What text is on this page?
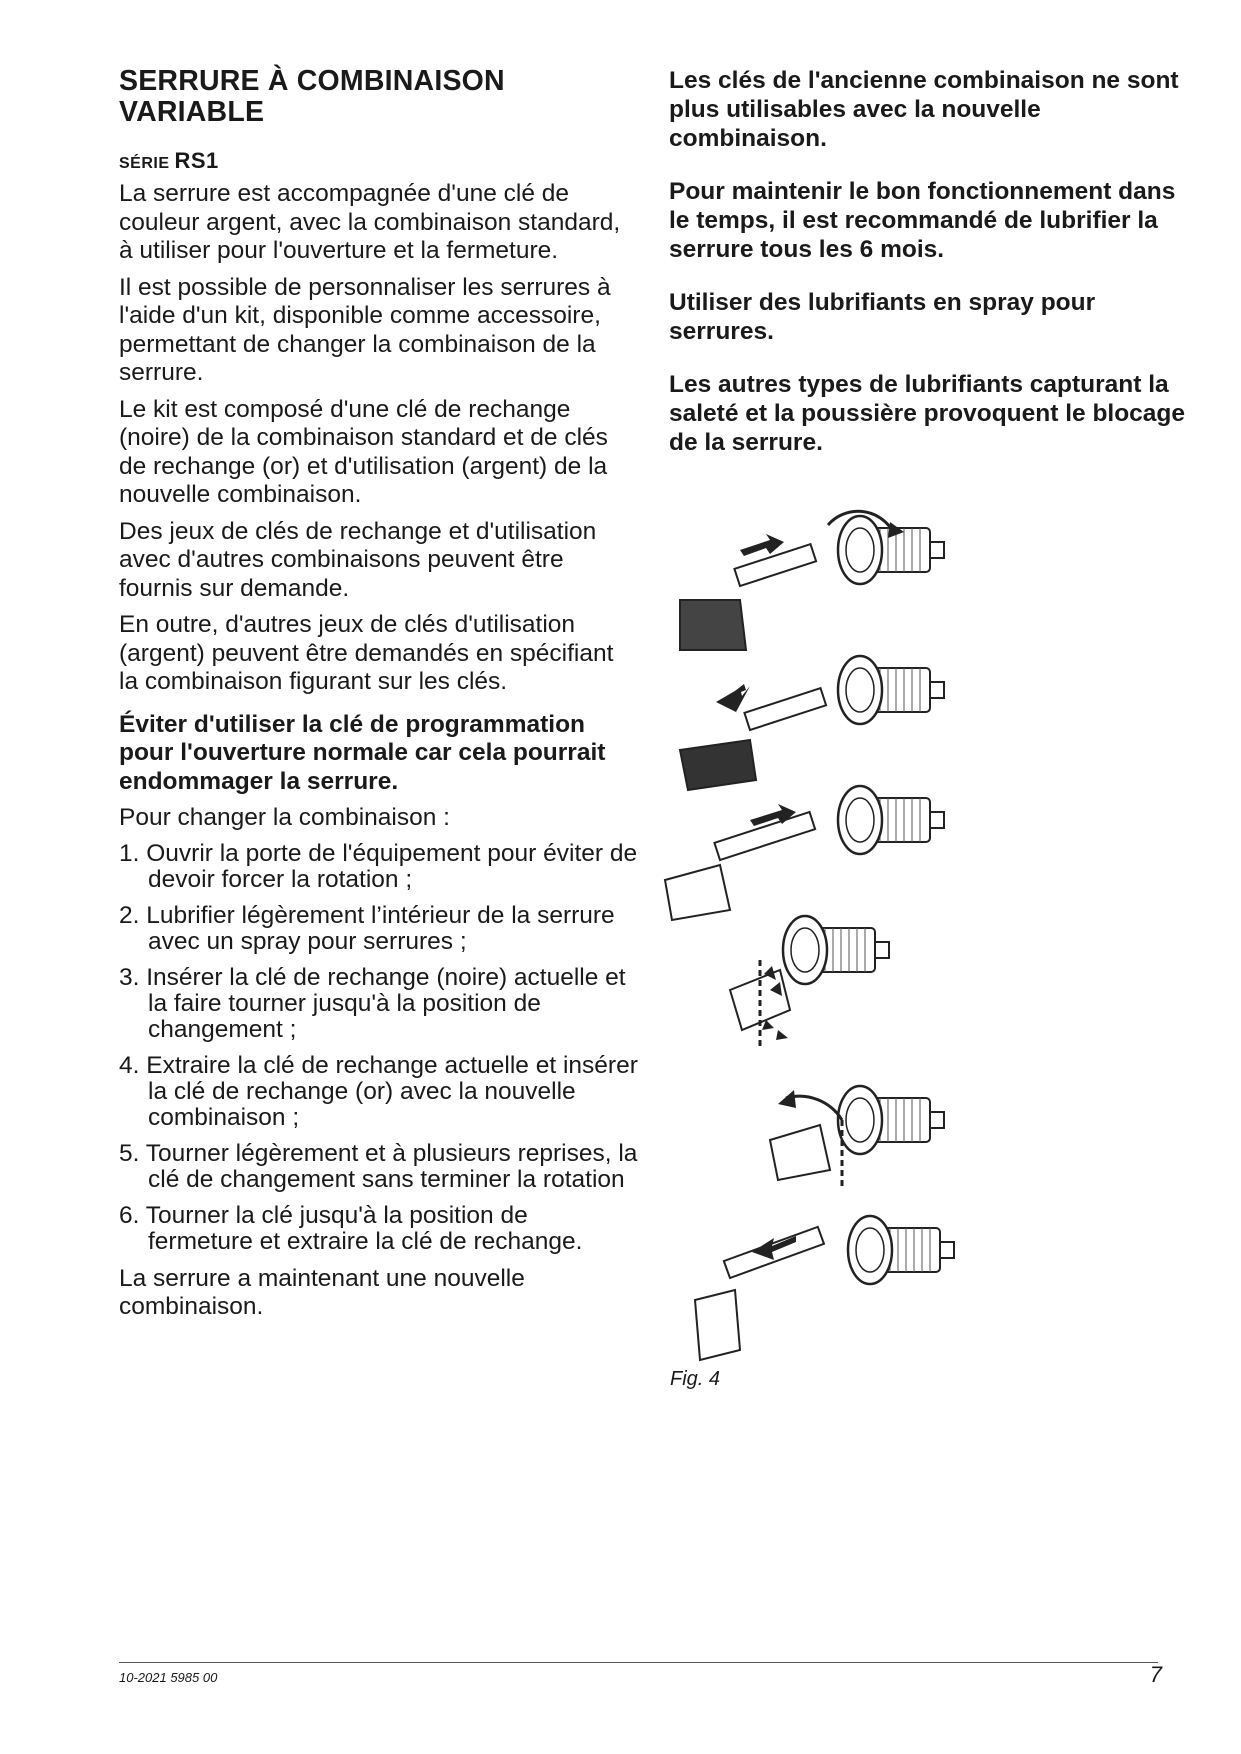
SERRURE À COMBINAISON VARIABLE
SÉRIE RS1

La serrure est accompagnée d'une clé de couleur argent, avec la combinaison standard, à utiliser pour l'ouverture et la fermeture.

Il est possible de personnaliser les serrures à l'aide d'un kit, disponible comme accessoire, permettant de changer la combinaison de la serrure.

Le kit est composé d'une clé de rechange (noire) de la combinaison standard et de clés de rechange (or) et d'utilisation (argent) de la nouvelle combinaison.

Des jeux de clés de rechange et d'utilisation avec d'autres combinaisons peuvent être fournis sur demande.

En outre, d'autres jeux de clés d'utilisation (argent) peuvent être demandés en spécifiant la combinaison figurant sur les clés.

Éviter d'utiliser la clé de programmation pour l'ouverture normale car cela pourrait endommager la serrure.

Pour changer la combinaison :

1. Ouvrir la porte de l'équipement pour éviter de devoir forcer la rotation ;
2. Lubrifier légèrement l’intérieur de la serrure avec un spray pour serrures ;
3. Insérer la clé de rechange (noire) actuelle et la faire tourner jusqu'à la position de changement ;
4. Extraire la clé de rechange actuelle et insérer la clé de rechange (or) avec la nouvelle combinaison ;
5. Tourner légèrement et à plusieurs reprises, la clé de changement sans terminer la rotation
6. Tourner la clé jusqu'à la position de fermeture et extraire la clé de rechange.

La serrure a maintenant une nouvelle combinaison.

Les clés de l'ancienne combinaison ne sont plus utilisables avec la nouvelle combinaison.

Pour maintenir le bon fonctionnement dans le temps, il est recommandé de lubrifier la serrure tous les 6 mois.

Utiliser des lubrifiants en spray pour serrures.

Les autres types de lubrifiants capturant la saleté et la poussière provoquent le blocage de la serrure.

Fig. 4
10-2021 5985 00	7
